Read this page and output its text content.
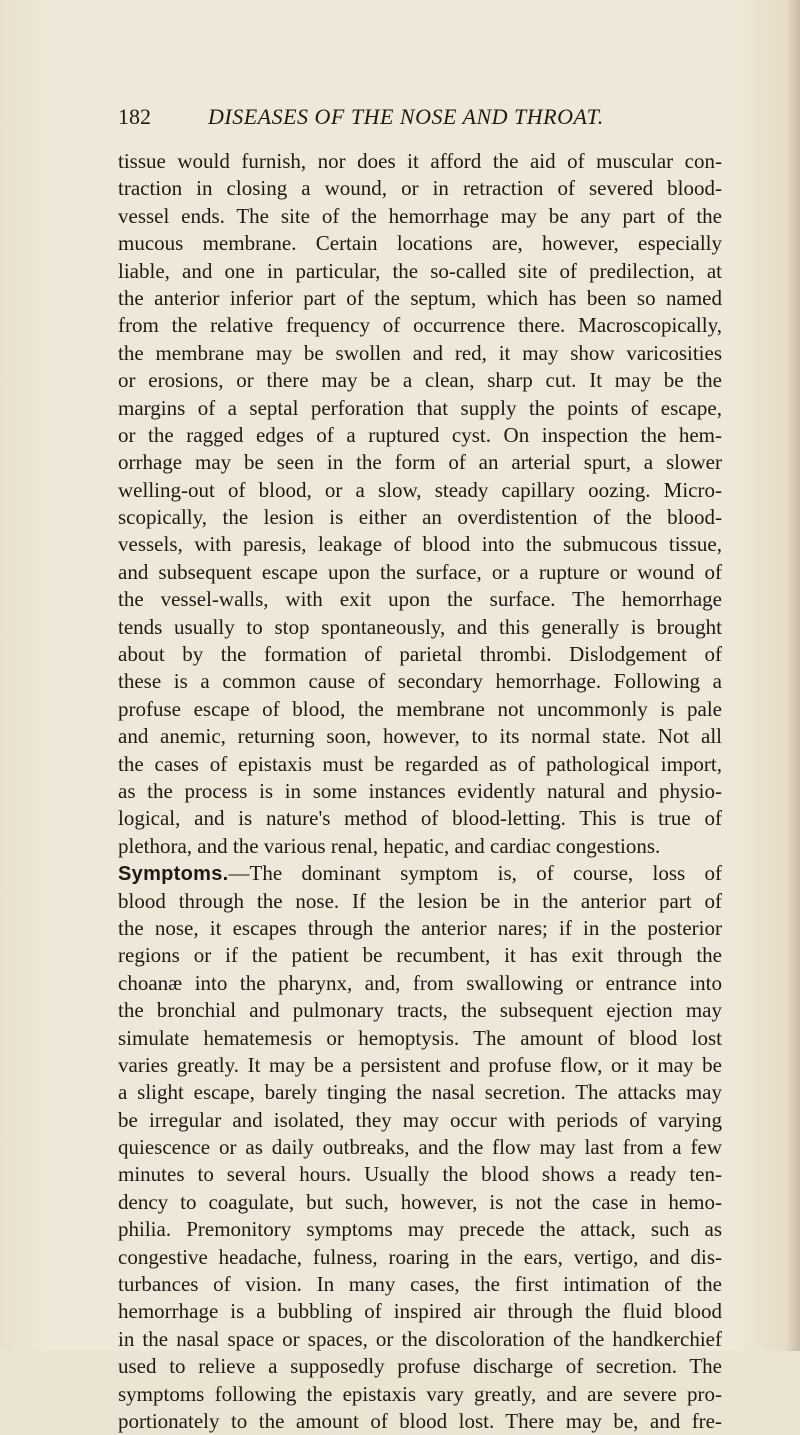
182	DISEASES OF THE NOSE AND THROAT.
tissue would furnish, nor does it afford the aid of muscular con-
traction in closing a wound, or in retraction of severed blood-
vessel ends. The site of the hemorrhage may be any part of the
mucous membrane. Certain locations are, however, especially
liable, and one in particular, the so-called site of predilection, at
the anterior inferior part of the septum, which has been so named
from the relative frequency of occurrence there. Macroscopically,
the membrane may be swollen and red, it may show varicosities
or erosions, or there may be a clean, sharp cut. It may be the
margins of a septal perforation that supply the points of escape,
or the ragged edges of a ruptured cyst. On inspection the hem-
orrhage may be seen in the form of an arterial spurt, a slower
welling-out of blood, or a slow, steady capillary oozing. Micro-
scopically, the lesion is either an overdistention of the blood-
vessels, with paresis, leakage of blood into the submucous tissue,
and subsequent escape upon the surface, or a rupture or wound of
the vessel-walls, with exit upon the surface. The hemorrhage
tends usually to stop spontaneously, and this generally is brought
about by the formation of parietal thrombi. Dislodgement of
these is a common cause of secondary hemorrhage. Following a
profuse escape of blood, the membrane not uncommonly is pale
and anemic, returning soon, however, to its normal state. Not all
the cases of epistaxis must be regarded as of pathological import,
as the process is in some instances evidently natural and physio-
logical, and is nature's method of blood-letting. This is true of
plethora, and the various renal, hepatic, and cardiac congestions.
Symptoms.—The dominant symptom is, of course, loss of
blood through the nose. If the lesion be in the anterior part of
the nose, it escapes through the anterior nares; if in the posterior
regions or if the patient be recumbent, it has exit through the
choanæ into the pharynx, and, from swallowing or entrance into
the bronchial and pulmonary tracts, the subsequent ejection may
simulate hematemesis or hemoptysis. The amount of blood lost
varies greatly. It may be a persistent and profuse flow, or it may be
a slight escape, barely tinging the nasal secretion. The attacks may
be irregular and isolated, they may occur with periods of varying
quiescence or as daily outbreaks, and the flow may last from a few
minutes to several hours. Usually the blood shows a ready ten-
dency to coagulate, but such, however, is not the case in hemo-
philia. Premonitory symptoms may precede the attack, such as
congestive headache, fulness, roaring in the ears, vertigo, and dis-
turbances of vision. In many cases, the first intimation of the
hemorrhage is a bubbling of inspired air through the fluid blood
in the nasal space or spaces, or the discoloration of the handkerchief
used to relieve a supposedly profuse discharge of secretion. The
symptoms following the epistaxis vary greatly, and are severe pro-
portionately to the amount of blood lost. There may be, and fre-
